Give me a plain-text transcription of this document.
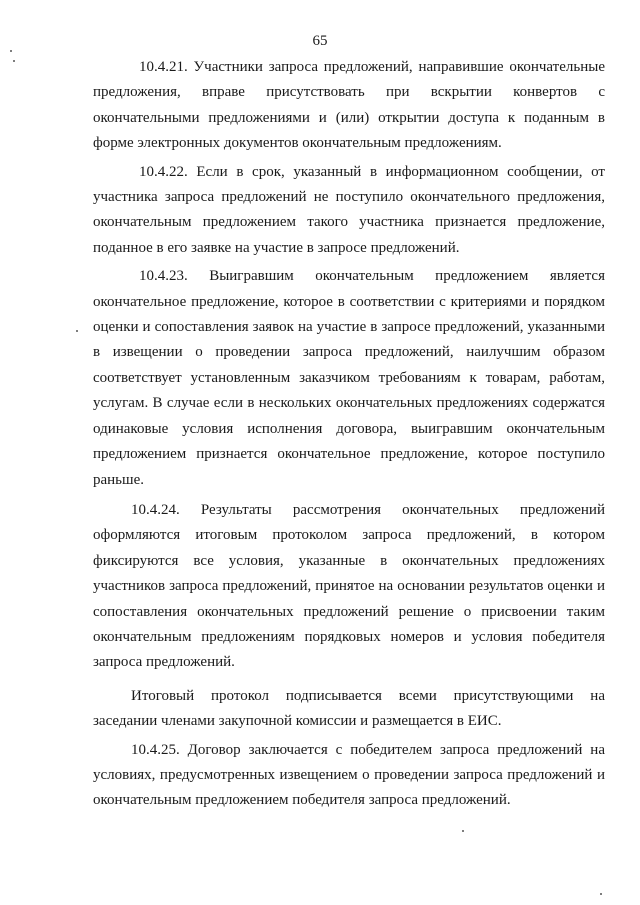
65

10.4.21. Участники запроса предложений, направившие окончательные предложения, вправе присутствовать при вскрытии конвертов с окончательными предложениями и (или) открытии доступа к поданным в форме электронных документов окончательным предложениям.

10.4.22. Если в срок, указанный в информационном сообщении, от участника запроса предложений не поступило окончательного предложения, окончательным предложением такого участника признается предложение, поданное в его заявке на участие в запросе предложений.

10.4.23. Выигравшим окончательным предложением является окончательное предложение, которое в соответствии с критериями и порядком оценки и сопоставления заявок на участие в запросе предложений, указанными в извещении о проведении запроса предложений, наилучшим образом соответствует установленным заказчиком требованиям к товарам, работам, услугам. В случае если в нескольких окончательных предложениях содержатся одинаковые условия исполнения договора, выигравшим окончательным предложением признается окончательное предложение, которое поступило раньше.

10.4.24. Результаты рассмотрения окончательных предложений оформляются итоговым протоколом запроса предложений, в котором фиксируются все условия, указанные в окончательных предложениях участников запроса предложений, принятое на основании результатов оценки и сопоставления окончательных предложений решение о присвоении таким окончательным предложениям порядковых номеров и условия победителя запроса предложений.

Итоговый протокол подписывается всеми присутствующими на заседании членами закупочной комиссии и размещается в ЕИС.

10.4.25. Договор заключается с победителем запроса предложений на условиях, предусмотренных извещением о проведении запроса предложений и окончательным предложением победителя запроса предложений.
